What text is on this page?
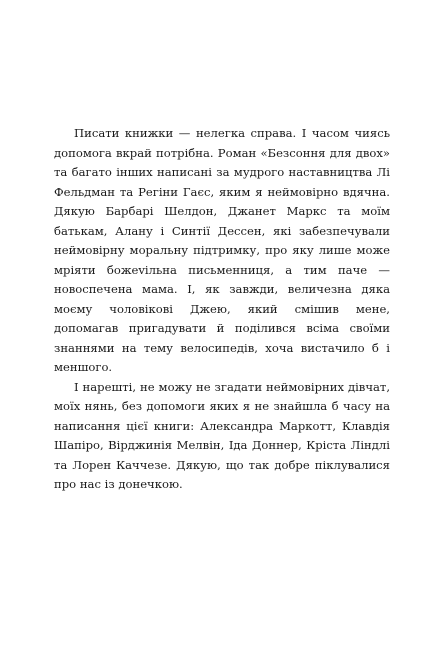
Писати книжки — нелегка справа. І часом чиясь допомога вкрай потрібна. Роман «Безсоння для двох» та багато інших написані за мудрого наставництва Лі Фельдман та Регіни Гаєс, яким я неймовірно вдячна. Дякую Барбарі Шелдон, Джанет Маркс та моїм батькам, Алану і Синтії Дессен, які забезпечували неймовірну моральну підтримку, про яку лише може мріяти божеvільна письменниця, а тим паче — новоспечена мама. І, як завжди, величезна дяка моєму чоловікові Джею, який смішив мене, допомагав пригадувати й поділився всіма своїми знаннями на тему велосипедів, хоча вистачило б і меншого.

І нарешті, не можу не згадати неймовірних дівчат, моїх нянь, без допомоги яких я не знайшла б часу на написання цієї книги: Александра Маркотт, Клавдія Шапіро, Вірджинія Мелвін, Іда Доннер, Кріста Ліндлі та Лорен Каччезе. Дякую, що так добре піклувалися про нас із донечкою.
